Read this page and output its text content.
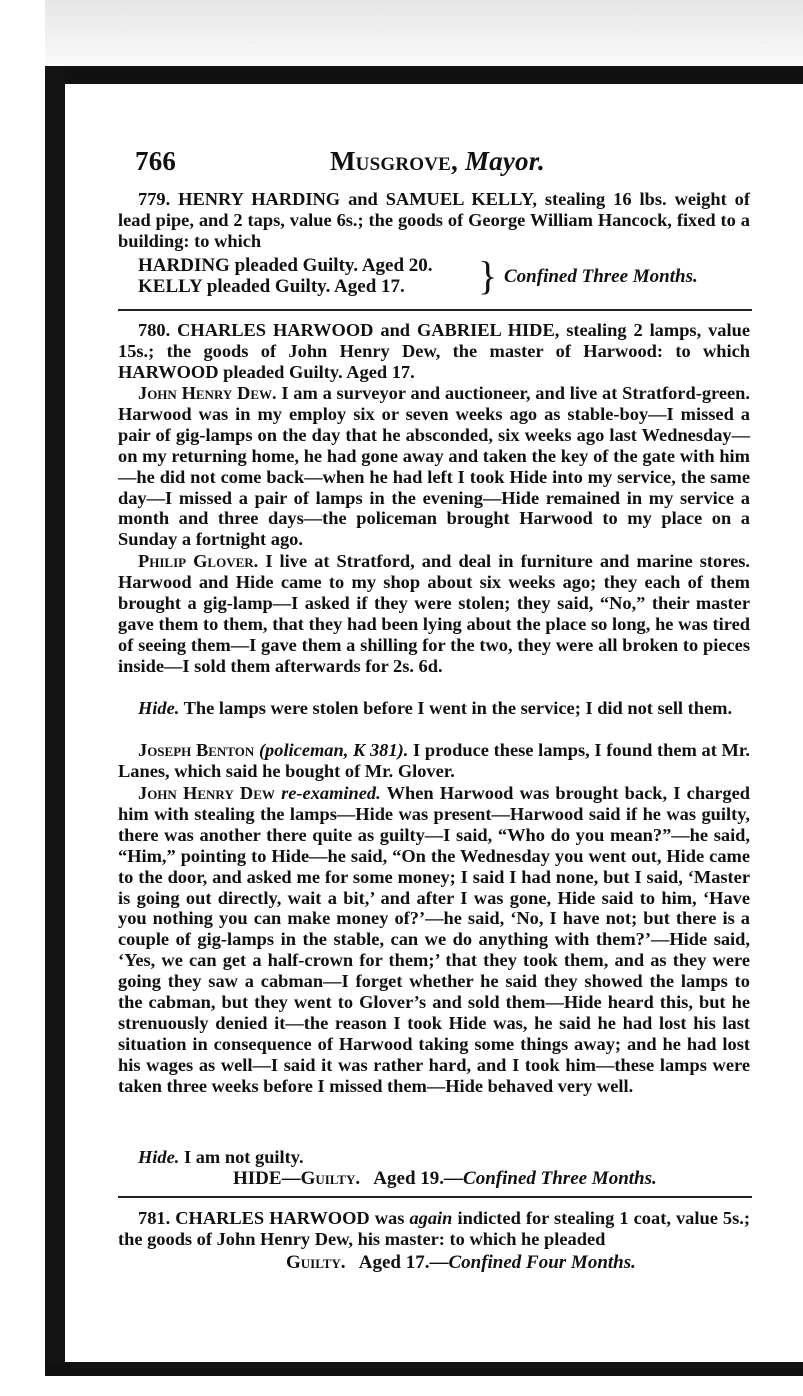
766	Musgrove, Mayor.
779. HENRY HARDING and SAMUEL KELLY, stealing 16 lbs. weight of lead pipe, and 2 taps, value 6s.; the goods of George William Hancock, fixed to a building: to which
HARDING pleaded Guilty. Aged 20.
KELLY pleaded Guilty. Aged 17.	} Confined Three Months.
780. CHARLES HARWOOD and GABRIEL HIDE, stealing 2 lamps, value 15s.; the goods of John Henry Dew, the master of Harwood: to which HARWOOD pleaded Guilty. Aged 17.
John Henry Dew. I am a surveyor and auctioneer, and live at Stratford-green. Harwood was in my employ six or seven weeks ago as stable-boy—I missed a pair of gig-lamps on the day that he absconded, six weeks ago last Wednesday—on my returning home, he had gone away and taken the key of the gate with him—he did not come back—when he had left I took Hide into my service, the same day—I missed a pair of lamps in the evening—Hide remained in my service a month and three days—the policeman brought Harwood to my place on a Sunday a fortnight ago.
Philip Glover. I live at Stratford, and deal in furniture and marine stores. Harwood and Hide came to my shop about six weeks ago; they each of them brought a gig-lamp—I asked if they were stolen; they said, “No,” their master gave them to them, that they had been lying about the place so long, he was tired of seeing them—I gave them a shilling for the two, they were all broken to pieces inside—I sold them afterwards for 2s. 6d.
Hide. The lamps were stolen before I went in the service; I did not sell them.
Joseph Benton (policeman, K 381). I produce these lamps, I found them at Mr. Lanes, which said he bought of Mr. Glover.
John Henry Dew re-examined. When Harwood was brought back, I charged him with stealing the lamps—Hide was present—Harwood said if he was guilty, there was another there quite as guilty—I said, “Who do you mean?”—he said, “Him,” pointing to Hide—he said, “On the Wednesday you went out, Hide came to the door, and asked me for some money; I said I had none, but I said, ‘Master is going out directly, wait a bit,’ and after I was gone, Hide said to him, ‘Have you nothing you can make money of?’—he said, ‘No, I have not; but there is a couple of gig-lamps in the stable, can we do anything with them?’—Hide said, ‘Yes, we can get a half-crown for them;’ that they took them, and as they were going they saw a cabman—I forget whether he said they showed the lamps to the cabman, but they went to Glover’s and sold them—Hide heard this, but he strenuously denied it—the reason I took Hide was, he said he had lost his last situation in consequence of Harwood taking some things away; and he had lost his wages as well—I said it was rather hard, and I took him—these lamps were taken three weeks before I missed them—Hide behaved very well.
Hide. I am not guilty.
HIDE—Guilty. Aged 19.—Confined Three Months.
781. CHARLES HARWOOD was again indicted for stealing 1 coat, value 5s.; the goods of John Henry Dew, his master: to which he pleaded
Guilty. Aged 17.—Confined Four Months.
